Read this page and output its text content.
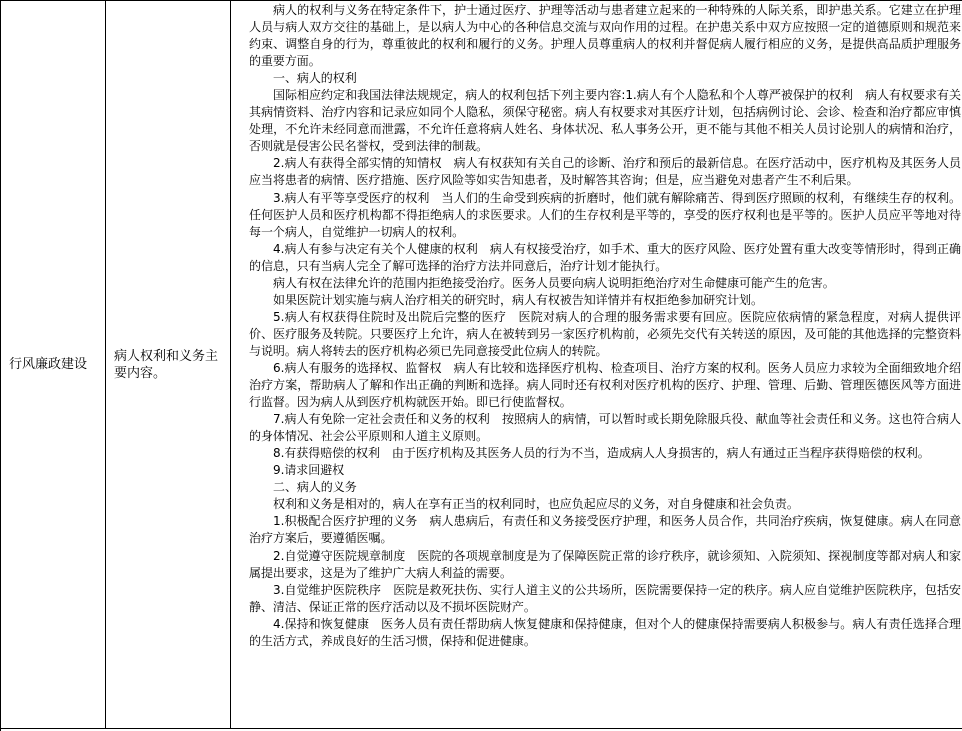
行风廉政建设	病人权利和义务主要内容。	

病人的权利与义务在特定条件下，护士通过医疗、护理等活动与患者建立起来的一种特殊的人际关系，即护患关系。它建立在护理人员与病人双方交往的基础上，是以病人为中心的各种信息交流与双向作用的过程。在护患关系中双方应按照一定的道德原则和规范来约束、调整自身的行为，尊重彼此的权利和履行的义务。护理人员尊重病人的权利并督促病人履行相应的义务，是提供高品质护理服务的重要方面。

一、病人的权利

国际相应约定和我国法律法规规定，病人的权利包括下列主要内容:1.病人有个人隐私和个人尊严被保护的权利　病人有权要求有关其病情资料、治疗内容和记录应如同个人隐私，须保守秘密。病人有权要求对其医疗计划，包括病例讨论、会诊、检查和治疗都应审慎处理，不允许未经同意而泄露，不允许任意将病人姓名、身体状况、私人事务公开，更不能与其他不相关人员讨论别人的病情和治疗，否则就是侵害公民名誉权，受到法律的制裁。

2.病人有获得全部实情的知情权　病人有权获知有关自己的诊断、治疗和预后的最新信息。在医疗活动中，医疗机构及其医务人员应当将患者的病情、医疗措施、医疗风险等如实告知患者，及时解答其咨询；但是，应当避免对患者产生不利后果。

3.病人有平等享受医疗的权利　当人们的生命受到疾病的折磨时，他们就有解除痛苦、得到医疗照顾的权利，有继续生存的权利。任何医护人员和医疗机构都不得拒绝病人的求医要求。人们的生存权利是平等的，享受的医疗权利也是平等的。医护人员应平等地对待每一个病人，自觉维护一切病人的权利。

4.病人有参与决定有关个人健康的权利　病人有权接受治疗，如手术、重大的医疗风险、医疗处置有重大改变等情形时，得到正确的信息，只有当病人完全了解可选择的治疗方法并同意后，治疗计划才能执行。

病人有权在法律允许的范围内拒绝接受治疗。医务人员要向病人说明拒绝治疗对生命健康可能产生的危害。

如果医院计划实施与病人治疗相关的研究时，病人有权被告知详情并有权拒绝参加研究计划。

5.病人有权获得住院时及出院后完整的医疗　医院对病人的合理的服务需求要有回应。医院应依病情的紧急程度，对病人提供评价、医疗服务及转院。只要医疗上允许，病人在被转到另一家医疗机构前，必须先交代有关转送的原因，及可能的其他选择的完整资料与说明。病人将转去的医疗机构必须已先同意接受此位病人的转院。

6.病人有服务的选择权、监督权　病人有比较和选择医疗机构、检查项目、治疗方案的权利。医务人员应力求较为全面细致地介绍治疗方案，帮助病人了解和作出正确的判断和选择。病人同时还有权利对医疗机构的医疗、护理、管理、后勤、管理医德医风等方面进行监督。因为病人从到医疗机构就医开始。即已行使监督权。

7.病人有免除一定社会责任和义务的权利　按照病人的病情，可以暂时或长期免除服兵役、献血等社会责任和义务。这也符合病人的身体情况、社会公平原则和人道主义原则。

8.有获得赔偿的权利　由于医疗机构及其医务人员的行为不当，造成病人人身损害的，病人有通过正当程序获得赔偿的权利。

9.请求回避权

二、病人的义务

权利和义务是相对的，病人在享有正当的权利同时，也应负起应尽的义务，对自身健康和社会负责。

1.积极配合医疗护理的义务　病人患病后，有责任和义务接受医疗护理，和医务人员合作，共同治疗疾病，恢复健康。病人在同意治疗方案后，要遵循医嘱。

2.自觉遵守医院规章制度　医院的各项规章制度是为了保障医院正常的诊疗秩序，就诊须知、入院须知、探视制度等都对病人和家属提出要求，这是为了维护广大病人利益的需要。

3.自觉维护医院秩序　医院是救死扶伤、实行人道主义的公共场所，医院需要保持一定的秩序。病人应自觉维护医院秩序，包括安静、清洁、保证正常的医疗活动以及不损坏医院财产。

4.保持和恢复健康　医务人员有责任帮助病人恢复健康和保持健康，但对个人的健康保持需要病人积极参与。病人有责任选择合理的生活方式，养成良好的生活习惯，保持和促进健康。
